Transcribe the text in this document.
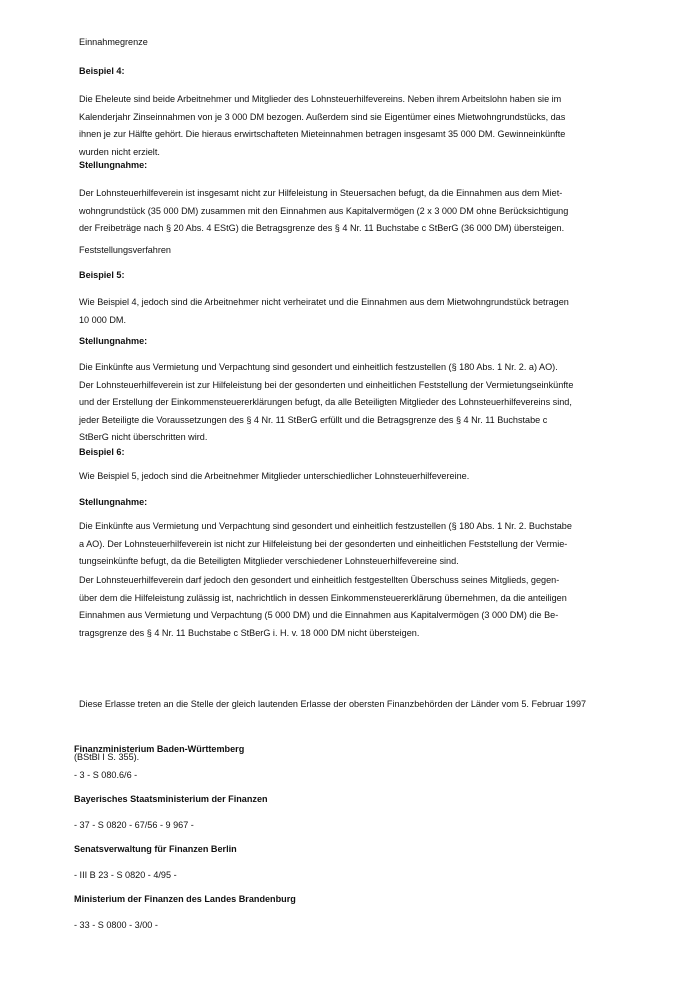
Einnahmegrenze
Beispiel 4:
Die Eheleute sind beide Arbeitnehmer und Mitglieder des Lohnsteuerhilfevereins. Neben ihrem Arbeitslohn haben sie im
Kalenderjahr Zinseinnahmen von je 3 000 DM bezogen. Außerdem sind sie Eigentümer eines Mietwohngrundstücks, das
ihnen je zur Hälfte gehört. Die hieraus erwirtschafteten Mieteinnahmen betragen insgesamt 35 000 DM. Gewinneinkünfte
wurden nicht erzielt.
Stellungnahme:
Der Lohnsteuerhilfeverein ist insgesamt nicht zur Hilfeleistung in Steuersachen befugt, da die Einnahmen aus dem Miet-
wohngrundstück (35 000 DM) zusammen mit den Einnahmen aus Kapitalvermögen (2 x 3 000 DM ohne Berücksichtigung
der Freibeträge nach § 20 Abs. 4 EStG) die Betragsgrenze des § 4 Nr. 11 Buchstabe c StBerG (36 000 DM) übersteigen.
Feststellungsverfahren
Beispiel 5:
Wie Beispiel 4, jedoch sind die Arbeitnehmer nicht verheiratet und die Einnahmen aus dem Mietwohngrundstück betragen
10 000 DM.
Stellungnahme:
Die Einkünfte aus Vermietung und Verpachtung sind gesondert und einheitlich festzustellen (§ 180 Abs. 1 Nr. 2. a) AO).
Der Lohnsteuerhilfeverein ist zur Hilfeleistung bei der gesonderten und einheitlichen Feststellung der Vermietungseinkünfte
und der Erstellung der Einkommensteuererklärungen befugt, da alle Beteiligten Mitglieder des Lohnsteuerhilfevereins sind,
jeder Beteiligte die Voraussetzungen des § 4 Nr. 11 StBerG erfüllt und die Betragsgrenze des § 4 Nr. 11 Buchstabe c
StBerG nicht überschritten wird.
Beispiel 6:
Wie Beispiel 5, jedoch sind die Arbeitnehmer Mitglieder unterschiedlicher Lohnsteuerhilfevereine.
Stellungnahme:
Die Einkünfte aus Vermietung und Verpachtung sind gesondert und einheitlich festzustellen (§ 180 Abs. 1 Nr. 2. Buchstabe
a AO). Der Lohnsteuerhilfeverein ist nicht zur Hilfeleistung bei der gesonderten und einheitlichen Feststellung der Vermie-
tungseinkünfte befugt, da die Beteiligten Mitglieder verschiedener Lohnsteuerhilfevereine sind.
Der Lohnsteuerhilfeverein darf jedoch den gesondert und einheitlich festgestellten Überschuss seines Mitglieds, gegen-
über dem die Hilfeleistung zulässig ist, nachrichtlich in dessen Einkommensteuererklärung übernehmen, da die anteiligen
Einnahmen aus Vermietung und Verpachtung (5 000 DM) und die Einnahmen aus Kapitalvermögen (3 000 DM) die Be-
tragsgrenze des § 4 Nr. 11 Buchstabe c StBerG i. H. v. 18 000 DM nicht übersteigen.

Diese Erlasse treten an die Stelle der gleich lautenden Erlasse der obersten Finanzbehörden der Länder vom 5. Februar 1997

(BStBl I S. 355).

Finanzministerium Baden-Württemberg
- 3 - S 080.6/6 -
Bayerisches Staatsministerium der Finanzen
- 37 - S 0820 - 67/56 - 9 967 -
Senatsverwaltung für Finanzen Berlin
- III B 23 - S 0820 - 4/95 -
Ministerium der Finanzen des Landes Brandenburg
- 33 - S 0800 - 3/00 -
